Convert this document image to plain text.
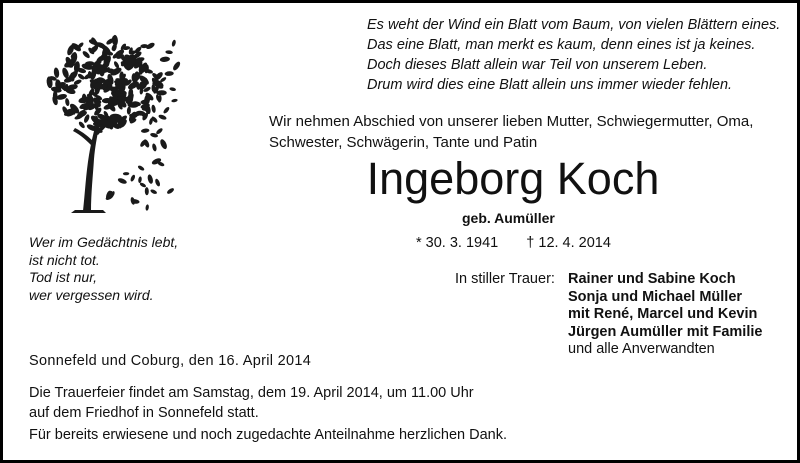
Es weht der Wind ein Blatt vom Baum, von vielen Blättern eines.
Das eine Blatt, man merkt es kaum, denn eines ist ja keines.
Doch dieses Blatt allein war Teil von unserem Leben.
Drum wird dies eine Blatt allein uns immer wieder fehlen.
Wir nehmen Abschied von unserer lieben Mutter, Schwiegermutter, Oma,
Schwester, Schwägerin, Tante und Patin
Ingeborg Koch
geb. Aumüller
* 30. 3. 1941 † 12. 4. 2014
In stiller Trauer: Rainer und Sabine Koch
Sonja und Michael Müller
mit René, Marcel und Kevin
Jürgen Aumüller mit Familie
und alle Anverwandten
Wer im Gedächtnis lebt,
ist nicht tot.
Tod ist nur,
wer vergessen wird.
Sonnefeld und Coburg, den 16. April 2014
Die Trauerfeier findet am Samstag, dem 19. April 2014, um 11.00 Uhr
auf dem Friedhof in Sonnefeld statt.
Für bereits erwiesene und noch zugedachte Anteilnahme herzlichen Dank.
